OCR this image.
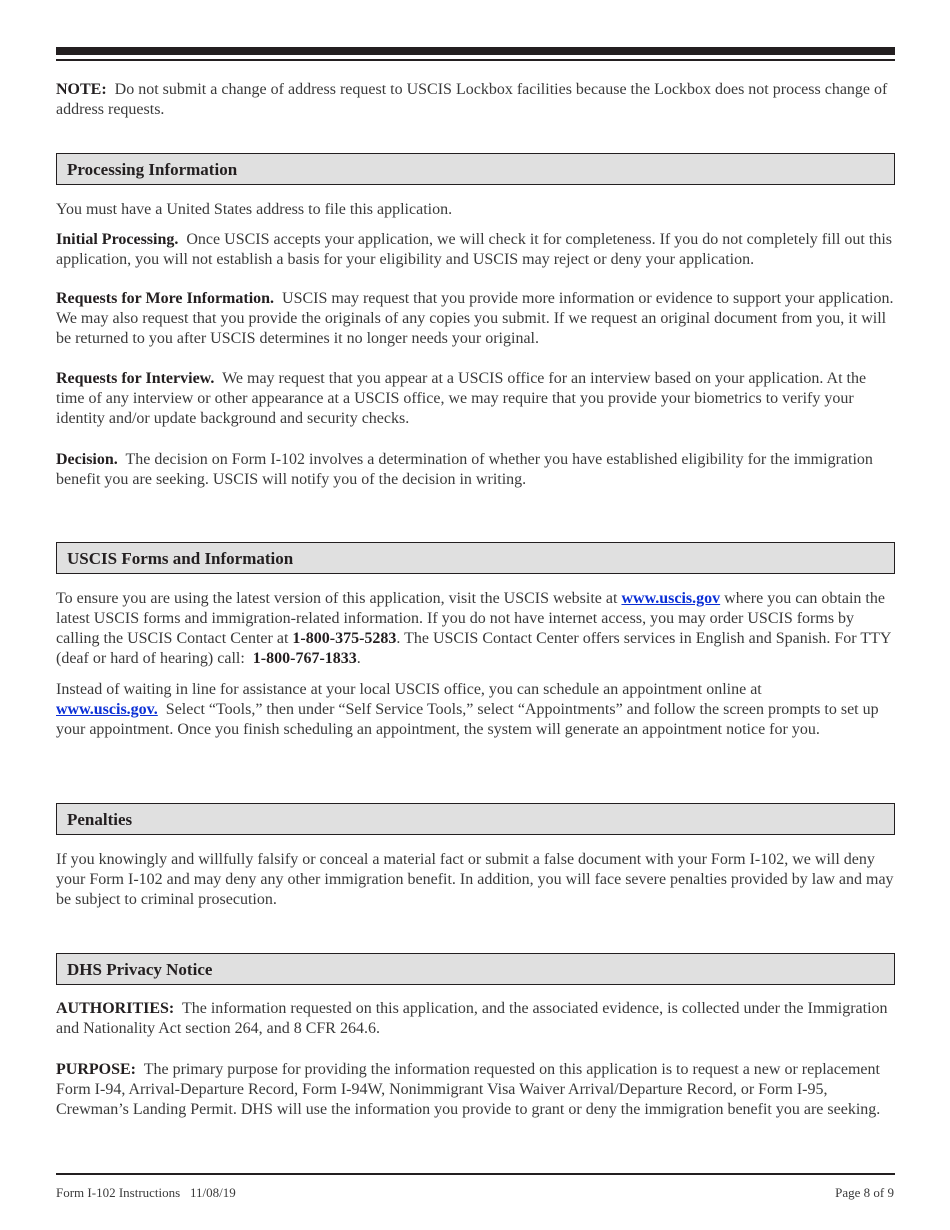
NOTE: Do not submit a change of address request to USCIS Lockbox facilities because the Lockbox does not process change of address requests.

Processing Information

You must have a United States address to file this application.

Initial Processing. Once USCIS accepts your application, we will check it for completeness. If you do not completely fill out this application, you will not establish a basis for your eligibility and USCIS may reject or deny your application.

Requests for More Information. USCIS may request that you provide more information or evidence to support your application. We may also request that you provide the originals of any copies you submit. If we request an original document from you, it will be returned to you after USCIS determines it no longer needs your original.

Requests for Interview. We may request that you appear at a USCIS office for an interview based on your application. At the time of any interview or other appearance at a USCIS office, we may require that you provide your biometrics to verify your identity and/or update background and security checks.

Decision. The decision on Form I-102 involves a determination of whether you have established eligibility for the immigration benefit you are seeking. USCIS will notify you of the decision in writing.

USCIS Forms and Information

To ensure you are using the latest version of this application, visit the USCIS website at www.uscis.gov where you can obtain the latest USCIS forms and immigration-related information. If you do not have internet access, you may order USCIS forms by calling the USCIS Contact Center at 1-800-375-5283. The USCIS Contact Center offers services in English and Spanish. For TTY (deaf or hard of hearing) call: 1-800-767-1833.

Instead of waiting in line for assistance at your local USCIS office, you can schedule an appointment online at
www.uscis.gov. Select “Tools,” then under “Self Service Tools,” select “Appointments” and follow the screen prompts to set up your appointment. Once you finish scheduling an appointment, the system will generate an appointment notice for you.

Penalties

If you knowingly and willfully falsify or conceal a material fact or submit a false document with your Form I-102, we will deny your Form I-102 and may deny any other immigration benefit. In addition, you will face severe penalties provided by law and may be subject to criminal prosecution.

DHS Privacy Notice

AUTHORITIES: The information requested on this application, and the associated evidence, is collected under the Immigration and Nationality Act section 264, and 8 CFR 264.6.

PURPOSE: The primary purpose for providing the information requested on this application is to request a new or replacement Form I-94, Arrival-Departure Record, Form I-94W, Nonimmigrant Visa Waiver Arrival/Departure Record, or Form I-95, Crewman’s Landing Permit. DHS will use the information you provide to grant or deny the immigration benefit you are seeking.

Form I-102 Instructions   11/08/19	Page 8 of 9
